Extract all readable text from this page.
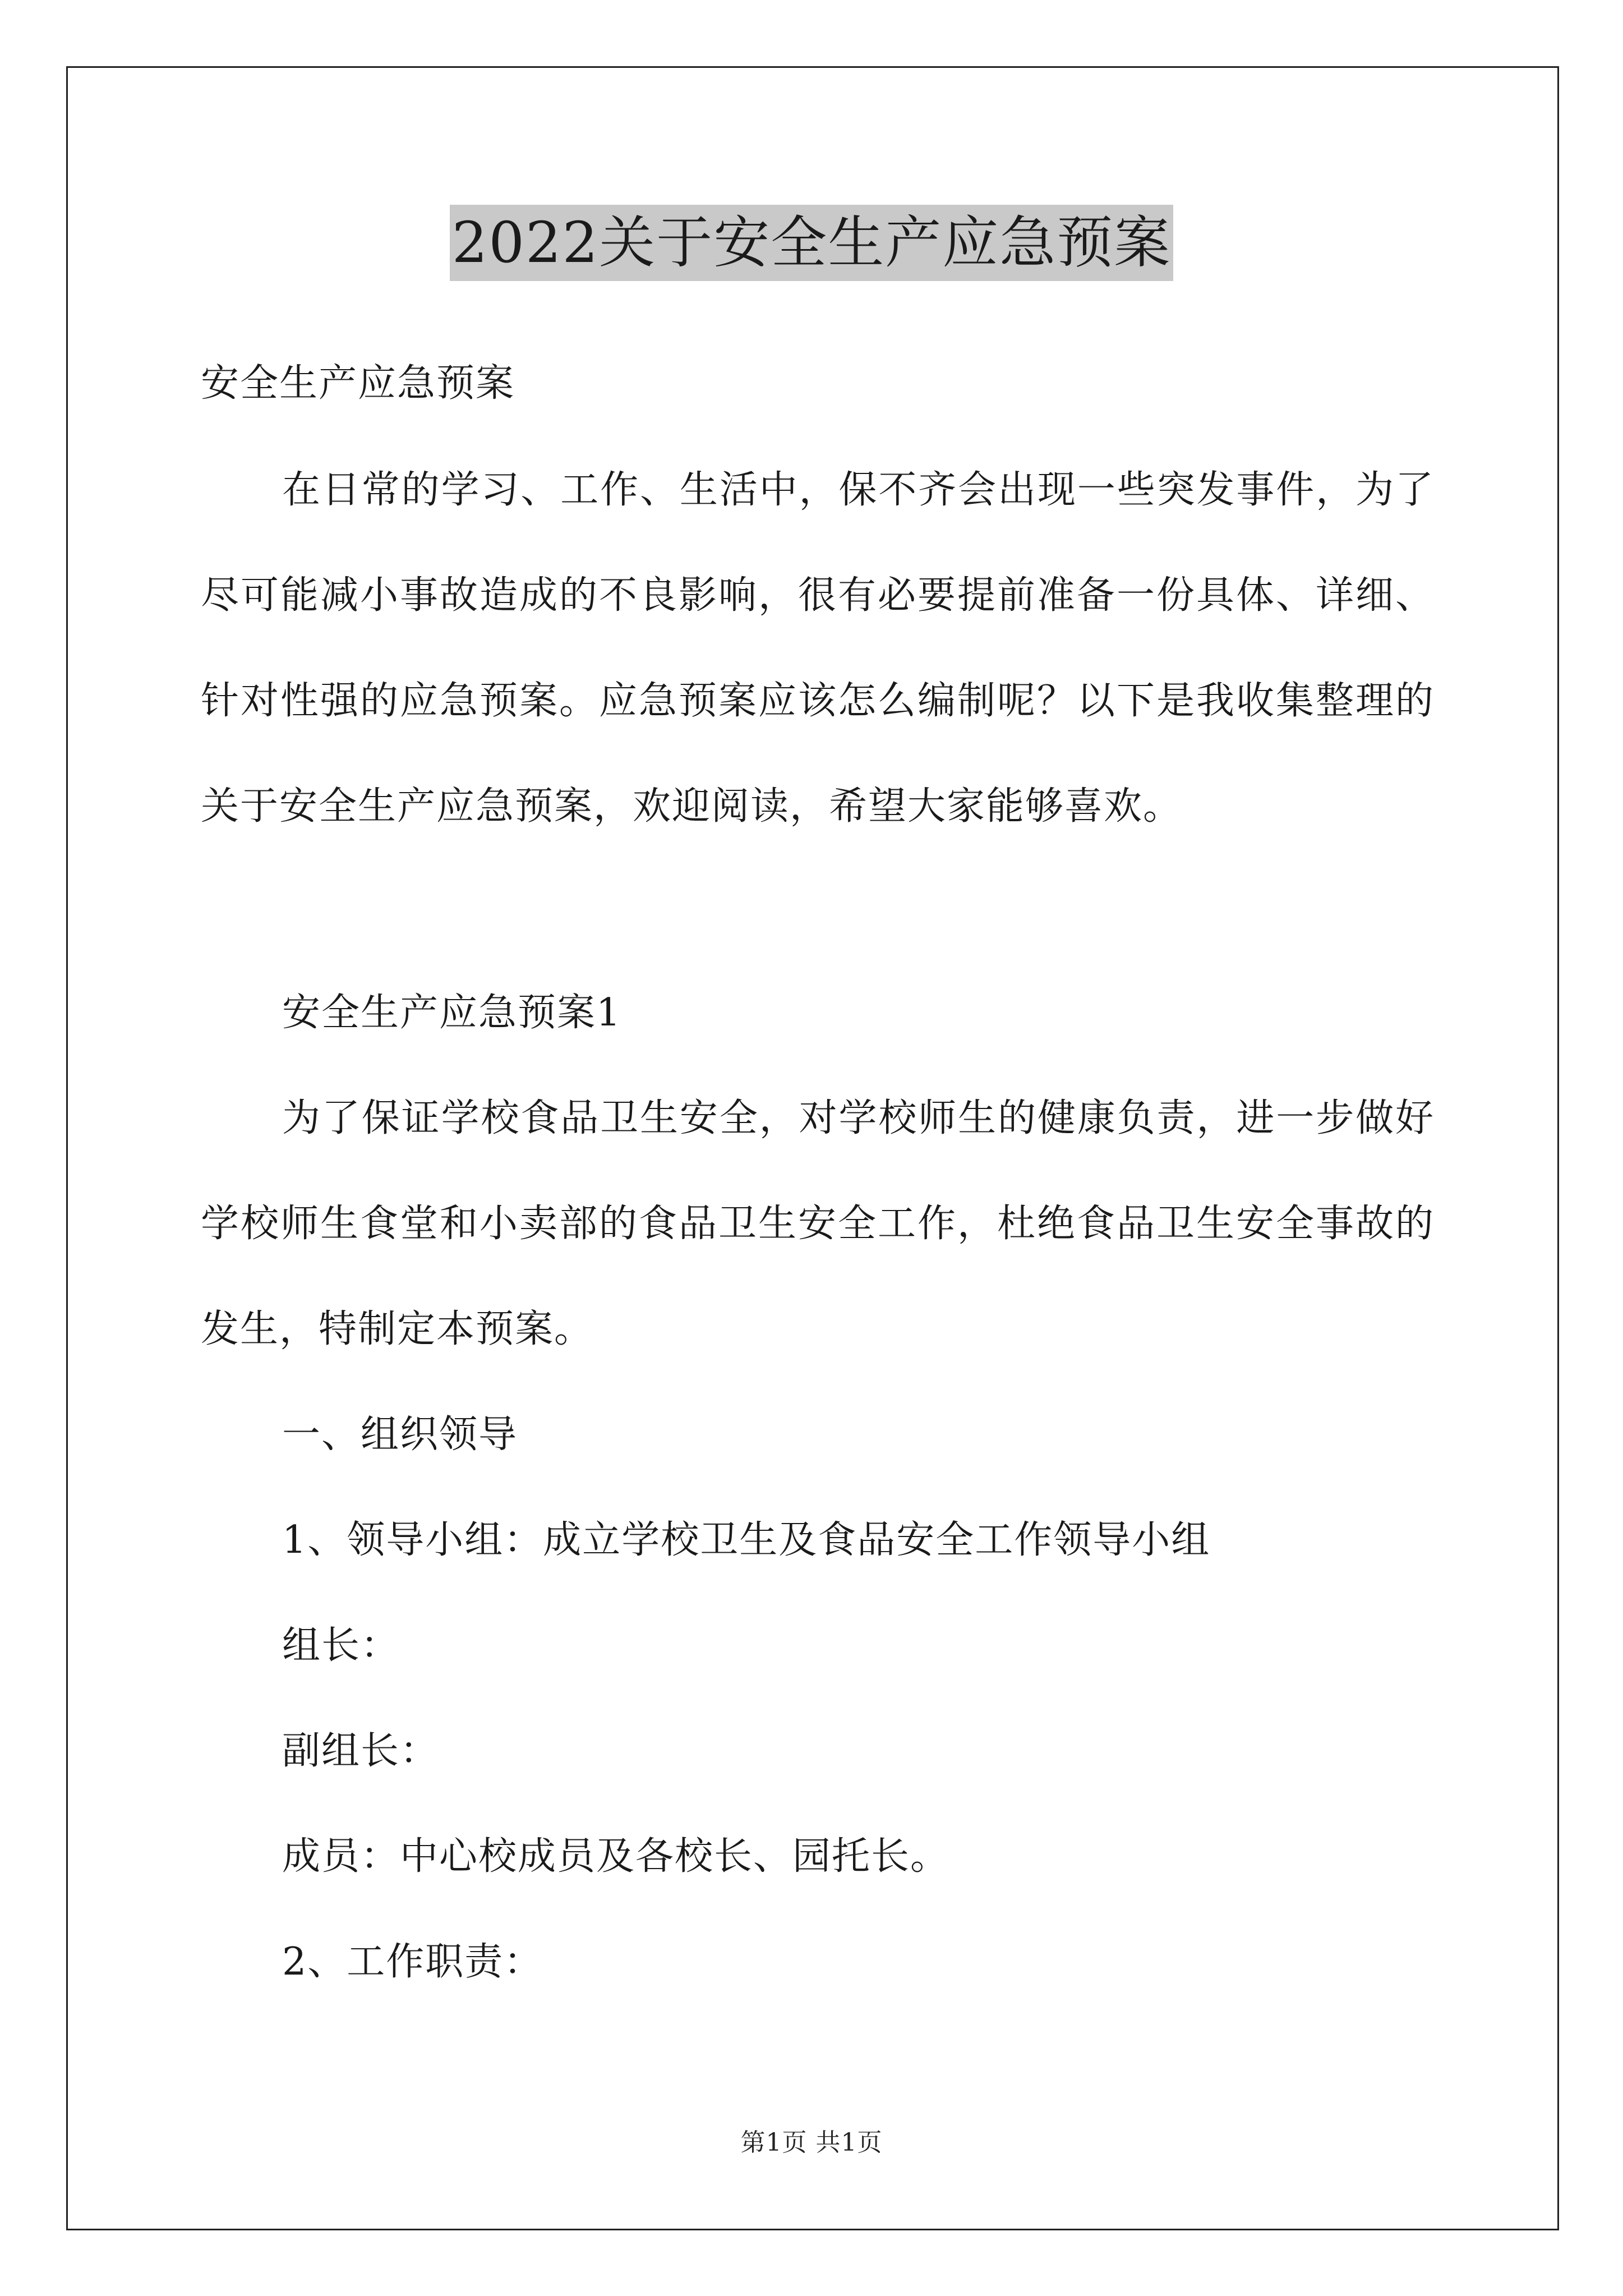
2022关于安全生产应急预案

安全生产应急预案

在日常的学习、工作、生活中，保不齐会出现一些突发事件，为了尽可能减小事故造成的不良影响，很有必要提前准备一份具体、详细、针对性强的应急预案。应急预案应该怎么编制呢？以下是我收集整理的关于安全生产应急预案，欢迎阅读，希望大家能够喜欢。

安全生产应急预案1

为了保证学校食品卫生安全，对学校师生的健康负责，进一步做好学校师生食堂和小卖部的食品卫生安全工作，杜绝食品卫生安全事故的发生，特制定本预案。

一、组织领导

1、领导小组：成立学校卫生及食品安全工作领导小组

组长：

副组长：

成员：中心校成员及各校长、园托长。

2、工作职责：

第1页 共1页
